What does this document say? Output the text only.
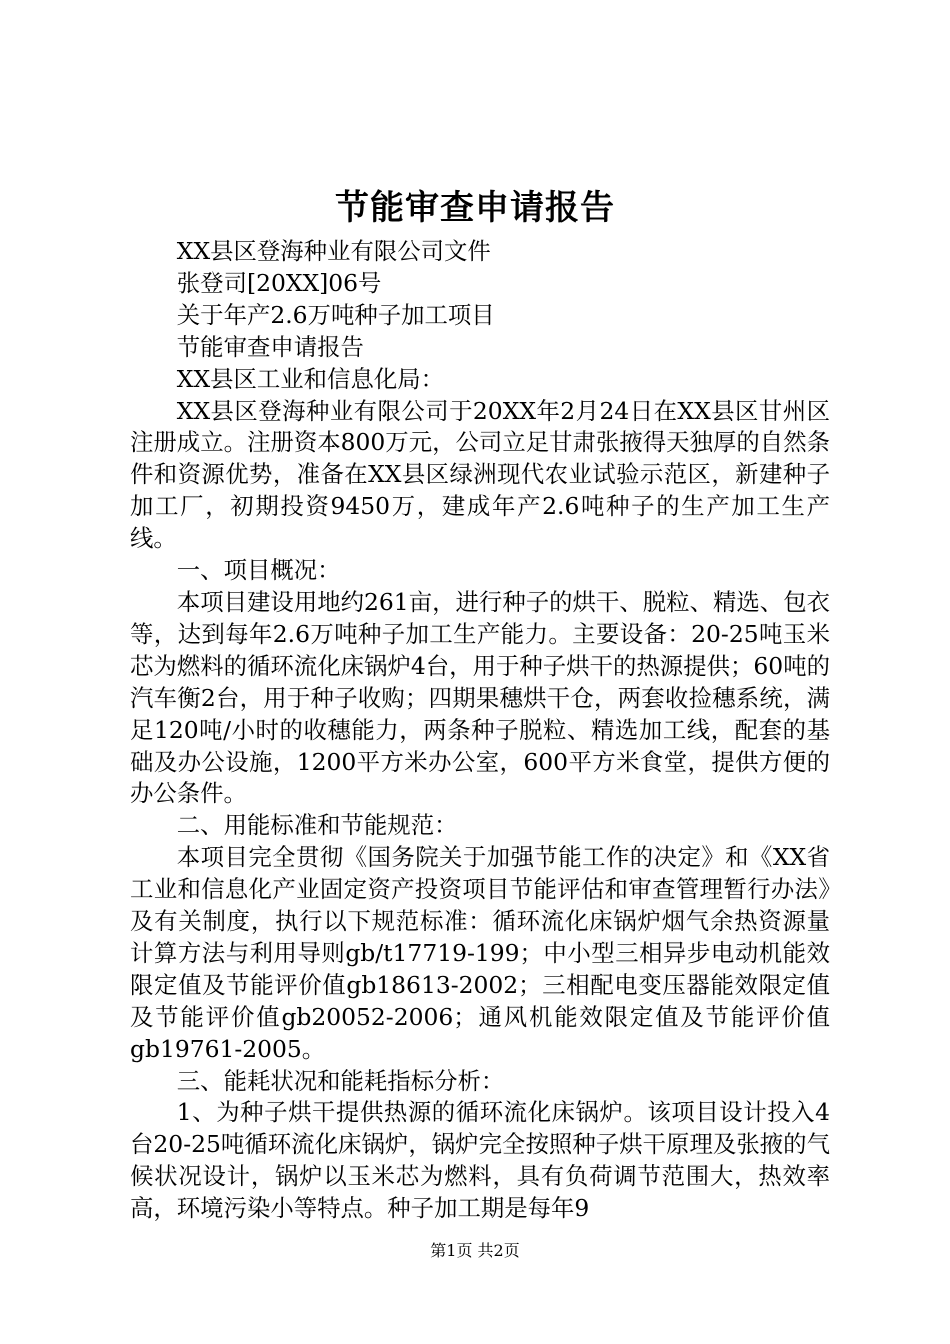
节能审查申请报告

XX县区登海种业有限公司文件

张登司[20XX]06号

关于年产2.6万吨种子加工项目

节能审查申请报告

XX县区工业和信息化局：

XX县区登海种业有限公司于20XX年2月24日在XX县区甘州区注册成立。注册资本800万元，公司立足甘肃张掖得天独厚的自然条件和资源优势，准备在XX县区绿洲现代农业试验示范区，新建种子加工厂，初期投资9450万，建成年产2.6吨种子的生产加工生产线。

一、项目概况：

本项目建设用地约261亩，进行种子的烘干、脱粒、精选、包衣等，达到每年2.6万吨种子加工生产能力。主要设备：20-25吨玉米芯为燃料的循环流化床锅炉4台，用于种子烘干的热源提供；60吨的汽车衡2台，用于种子收购；四期果穗烘干仓，两套收捡穗系统，满足120吨/小时的收穗能力，两条种子脱粒、精选加工线，配套的基础及办公设施，1200平方米办公室，600平方米食堂，提供方便的办公条件。

二、用能标准和节能规范：

本项目完全贯彻《国务院关于加强节能工作的决定》和《XX省工业和信息化产业固定资产投资项目节能评估和审查管理暂行办法》及有关制度，执行以下规范标准：循环流化床锅炉烟气余热资源量计算方法与利用导则gb/t17719-199；中小型三相异步电动机能效限定值及节能评价值gb18613-2002；三相配电变压器能效限定值及节能评价值gb20052-2006；通风机能效限定值及节能评价值gb19761-2005。

三、能耗状况和能耗指标分析：

1、为种子烘干提供热源的循环流化床锅炉。该项目设计投入4台20-25吨循环流化床锅炉，锅炉完全按照种子烘干原理及张掖的气候状况设计，锅炉以玉米芯为燃料，具有负荷调节范围大，热效率高，环境污染小等特点。种子加工期是每年9

第1页 共2页
